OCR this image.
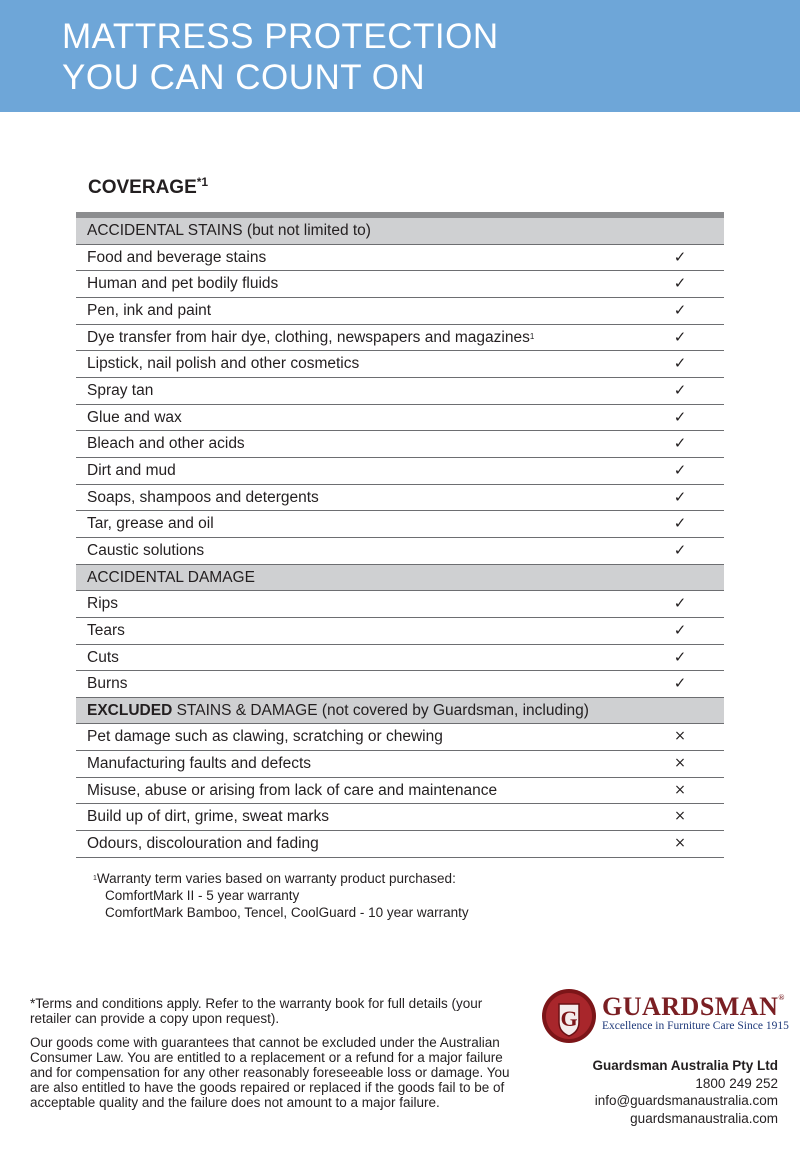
MATTRESS PROTECTION
YOU CAN COUNT ON
COVERAGE$^{*1}$
ACCIDENTAL STAINS (but not limited to)
Food and beverage stains	✓
Human and pet bodily fluids	✓
Pen, ink and paint	✓
Dye transfer from hair dye, clothing, newspapers and magazines$^1$	✓
Lipstick, nail polish and other cosmetics	✓
Spray tan	✓
Glue and wax	✓
Bleach and other acids	✓
Dirt and mud	✓
Soaps, shampoos and detergents	✓
Tar, grease and oil	✓
Caustic solutions	✓
ACCIDENTAL DAMAGE
Rips	✓
Tears	✓
Cuts	✓
Burns	✓
EXCLUDED STAINS & DAMAGE (not covered by Guardsman, including)
Pet damage such as clawing, scratching or chewing	×
Manufacturing faults and defects	×
Misuse, abuse or arising from lack of care and maintenance	×
Build up of dirt, grime, sweat marks	×
Odours, discolouration and fading	×
$^1$Warranty term varies based on warranty product purchased:
ComfortMark II - 5 year warranty
ComfortMark Bamboo, Tencel, CoolGuard - 10 year warranty

*Terms and conditions apply. Refer to the warranty book for full details (your retailer can provide a copy upon request).

Our goods come with guarantees that cannot be excluded under the Australian Consumer Law. You are entitled to a replacement or a refund for a major failure and for compensation for any other reasonably foreseeable loss or damage. You are also entitled to have the goods repaired or replaced if the goods fail to be of acceptable quality and the failure does not amount to a major failure.

G GUARDSMAN®
Excellence in Furniture Care Since 1915
Guardsman Australia Pty Ltd
1800 249 252
info@guardsmanaustralia.com
guardsmanaustralia.com
